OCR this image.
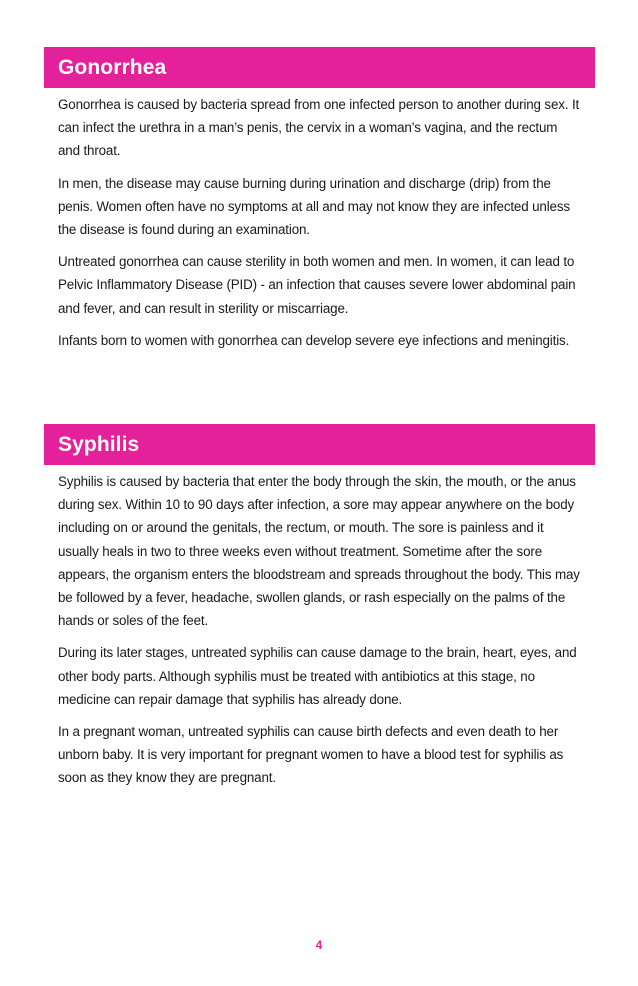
Gonorrhea

Gonorrhea is caused by bacteria spread from one infected person to another during sex. It can infect the urethra in a man’s penis, the cervix in a woman’s vagina, and the rectum and throat.

In men, the disease may cause burning during urination and discharge (drip) from the penis. Women often have no symptoms at all and may not know they are infected unless the disease is found during an examination.

Untreated gonorrhea can cause sterility in both women and men. In women, it can lead to Pelvic Inflammatory Disease (PID) - an infection that causes severe lower abdominal pain and fever, and can result in sterility or miscarriage.

Infants born to women with gonorrhea can develop severe eye infections and meningitis.

Syphilis

Syphilis is caused by bacteria that enter the body through the skin, the mouth, or the anus during sex. Within 10 to 90 days after infection, a sore may appear anywhere on the body including on or around the genitals, the rectum, or mouth. The sore is painless and it usually heals in two to three weeks even without treatment. Sometime after the sore appears, the organism enters the bloodstream and spreads throughout the body. This may be followed by a fever, headache, swollen glands, or rash especially on the palms of the hands or soles of the feet.

During its later stages, untreated syphilis can cause damage to the brain, heart, eyes, and other body parts. Although syphilis must be treated with antibiotics at this stage, no medicine can repair damage that syphilis has already done.

In a pregnant woman, untreated syphilis can cause birth defects and even death to her unborn baby. It is very important for pregnant women to have a blood test for syphilis as soon as they know they are pregnant.

4
